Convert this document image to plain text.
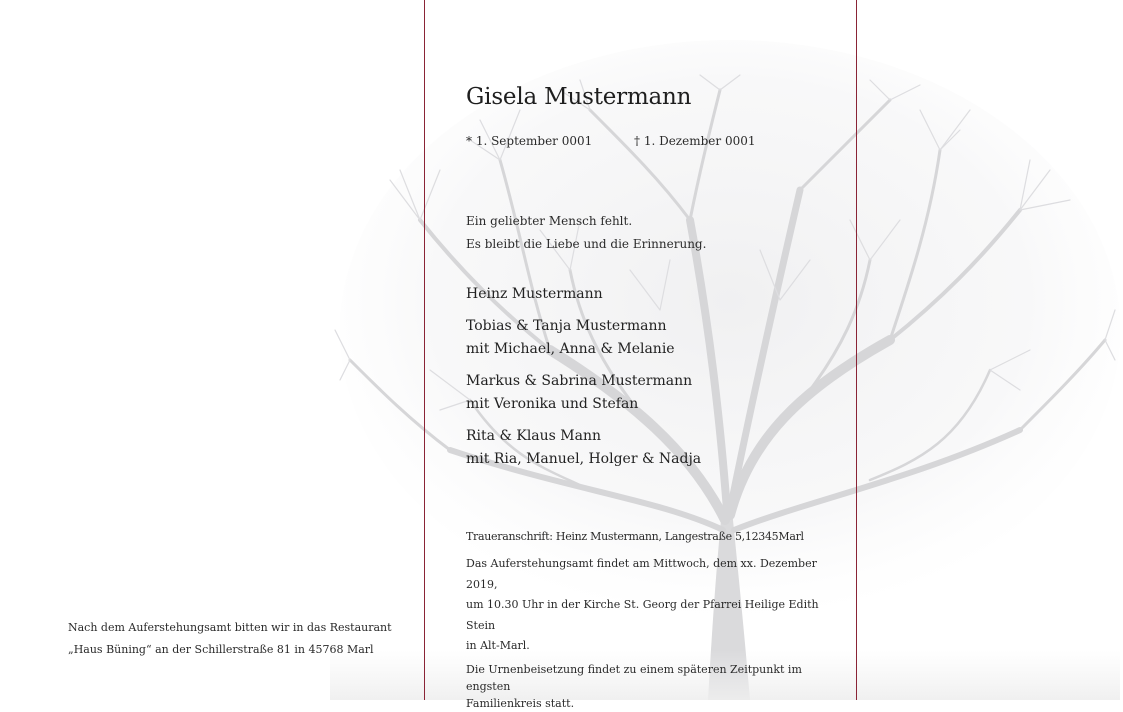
Gisela Mustermann
* 1. September 0001	† 1. Dezember 0001
Ein geliebter Mensch fehlt.
Es bleibt die Liebe und die Erinnerung.
Heinz Mustermann
Tobias & Tanja Mustermann
mit Michael, Anna & Melanie
Markus & Sabrina Mustermann
mit Veronika und Stefan
Rita & Klaus Mann
mit Ria, Manuel, Holger & Nadja
Traueranschrift: Heinz Mustermann, Langestraße 5,12345Marl
Das Auferstehungsamt findet am Mittwoch, dem xx. Dezember 2019,
um 10.30 Uhr in der Kirche St. Georg der Pfarrei Heilige Edith Stein
in Alt-Marl.
Die Urnenbeisetzung findet zu einem späteren Zeitpunkt im engsten
Familienkreis statt.
Nach dem Auferstehungsamt bitten wir in das Restaurant
„Haus Büning“ an der Schillerstraße 81 in 45768 Marl
